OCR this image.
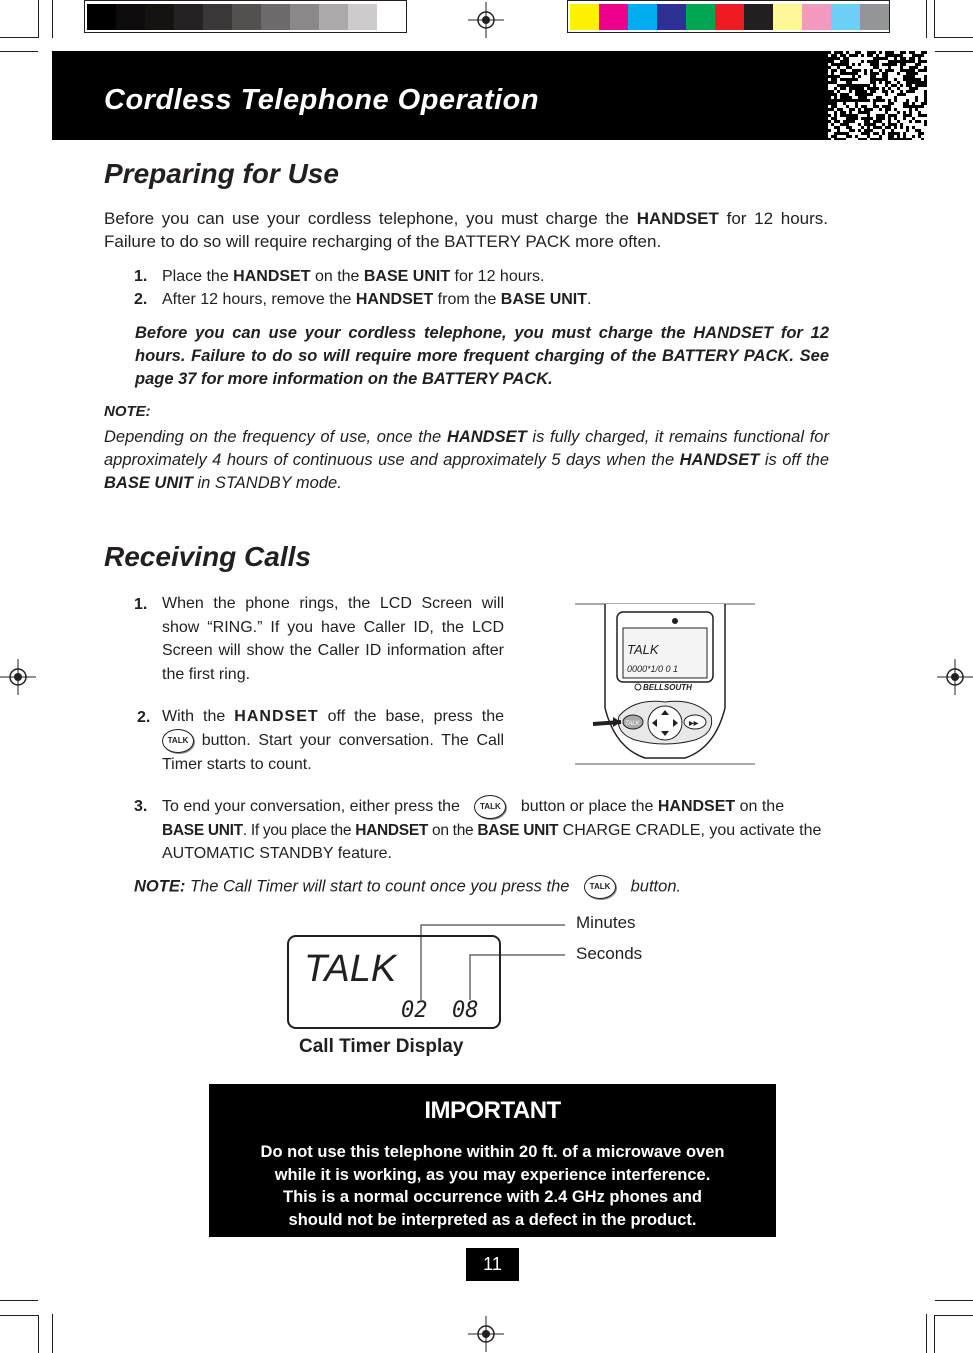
Cordless Telephone Operation
Preparing for Use
Before you can use your cordless telephone, you must charge the HANDSET for 12 hours. Failure to do so will require recharging of the BATTERY PACK more often.
1. Place the HANDSET on the BASE UNIT for 12 hours.
2. After 12 hours, remove the HANDSET from the BASE UNIT.
Before you can use your cordless telephone, you must charge the HANDSET for 12 hours. Failure to do so will require more frequent charging of the BATTERY PACK. See page 37 for more information on the BATTERY PACK.
NOTE:
Depending on the frequency of use, once the HANDSET is fully charged, it remains functional for approximately 4 hours of continuous use and approximately 5 days when the HANDSET is off the BASE UNIT in STANDBY mode.
Receiving Calls
1. When the phone rings, the LCD Screen will show “RING.” If you have Caller ID, the LCD Screen will show the Caller ID information after the first ring.
2. With the HANDSET off the base, press the TALK button. Start your conversation. The Call Timer starts to count.
TALK
0000*1/0 0 1
BELLSOUTH
TALK	▶▶
3. To end your conversation, either press the TALK button or place the HANDSET on the
BASE UNIT. If you place the HANDSET on the BASE UNIT CHARGE CRADLE, you activate the AUTOMATIC STANDBY feature.
NOTE: The Call Timer will start to count once you press the TALK button.
TALK
02 08
Minutes
Seconds
Call Timer Display
IMPORTANT
Do not use this telephone within 20 ft. of a microwave oven
while it is working, as you may experience interference.
This is a normal occurrence with 2.4 GHz phones and
should not be interpreted as a defect in the product.
11
